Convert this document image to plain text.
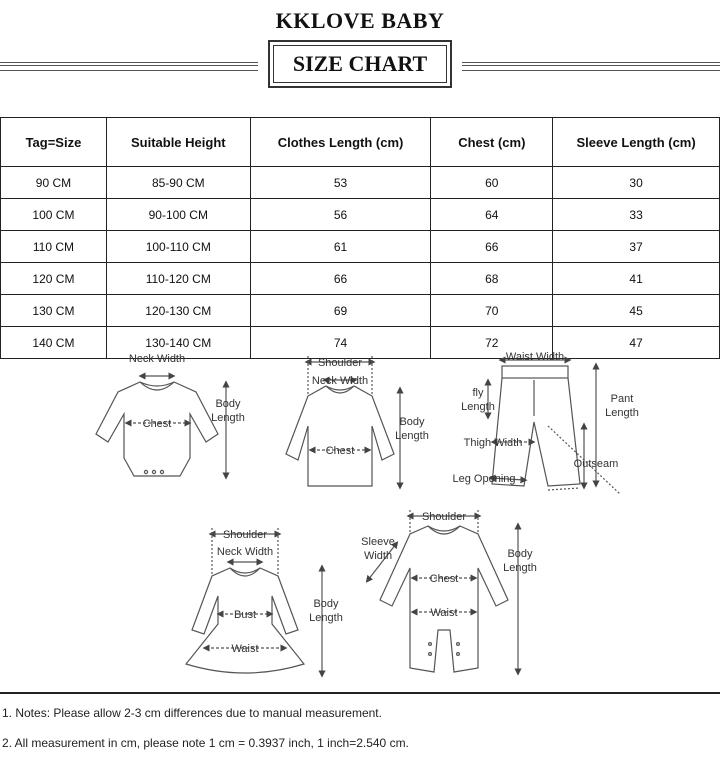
KKLOVE BABY
SIZE CHART
Tag=Size	Suitable Height	Clothes Length (cm)	Chest (cm)	Sleeve Length (cm)
90 CM	85-90 CM	53	60	30
100 CM	90-100 CM	56	64	33
110 CM	100-110 CM	61	66	37
120 CM	110-120 CM	66	68	41
130 CM	120-130 CM	69	70	45
140 CM	130-140 CM	74	72	47
Neck Width
Chest
Body
Length
Shoulder
Neck Width
Chest
Body
Length
Waist Width
fly
Length
Pant
Length
Thigh Width
Outseam
Leg Opening
Shoulder
Neck Width
Bust
Waist
Body
Length
Shoulder
Sleeve
Width
Chest
Waist
Body
Length
1. Notes: Please allow 2-3 cm differences due to manual measurement.
2. All measurement in cm, please note 1 cm = 0.3937 inch, 1 inch=2.540 cm.
